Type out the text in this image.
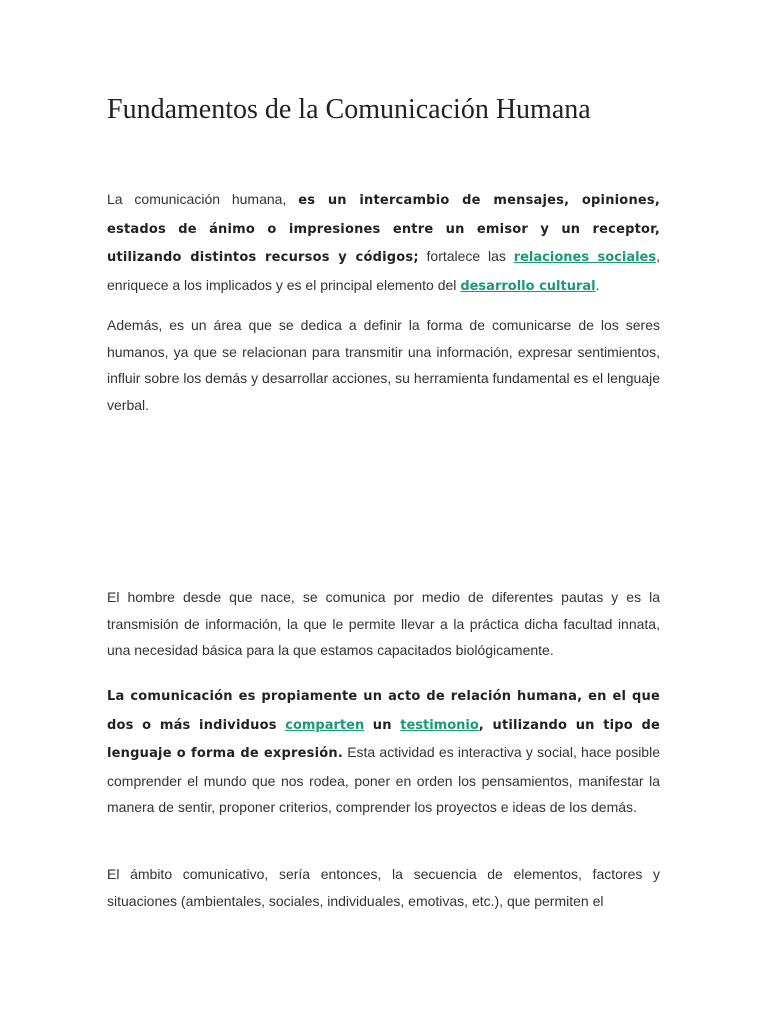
Fundamentos de la Comunicación Humana

La comunicación humana, es un intercambio de mensajes, opiniones, estados de ánimo o impresiones entre un emisor y un receptor, utilizando distintos recursos y códigos; fortalece las relaciones sociales, enriquece a los implicados y es el principal elemento del desarrollo cultural.

Además, es un área que se dedica a definir la forma de comunicarse de los seres humanos, ya que se relacionan para transmitir una información, expresar sentimientos, influir sobre los demás y desarrollar acciones, su herramienta fundamental es el lenguaje verbal.

El hombre desde que nace, se comunica por medio de diferentes pautas y es la transmisión de información, la que le permite llevar a la práctica dicha facultad innata, una necesidad básica para la que estamos capacitados biológicamente.

La comunicación es propiamente un acto de relación humana, en el que dos o más individuos comparten un testimonio, utilizando un tipo de lenguaje o forma de expresión. Esta actividad es interactiva y social, hace posible comprender el mundo que nos rodea, poner en orden los pensamientos, manifestar la manera de sentir, proponer criterios, comprender los proyectos e ideas de los demás.

El ámbito comunicativo, sería entonces, la secuencia de elementos, factores y situaciones (ambientales, sociales, individuales, emotivas, etc.), que permiten el
